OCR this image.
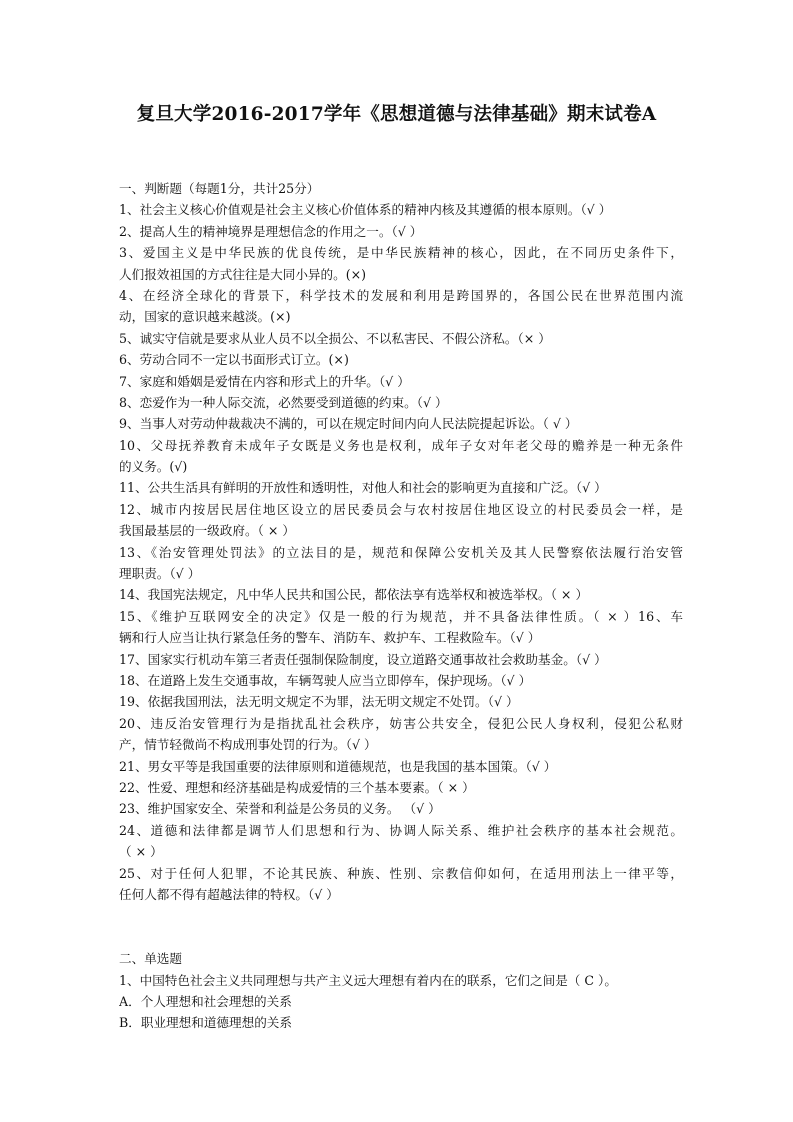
复旦大学2016-2017学年《思想道德与法律基础》期末试卷A
一、判断题（每题1分，共计25分）
1、社会主义核心价值观是社会主义核心价值体系的精神内核及其遵循的根本原则。（√ ）
2、提高人生的精神境界是理想信念的作用之一。（√ ）
3、爱国主义是中华民族的优良传统，是中华民族精神的核心，因此，在不同历史条件下，
人们报效祖国的方式往往是大同小异的。(×)
4、在经济全球化的背景下，科学技术的发展和利用是跨国界的，各国公民在世界范围内流
动，国家的意识越来越淡。(×)
5、诚实守信就是要求从业人员不以全损公、不以私害民、不假公济私。（× ）
6、劳动合同不一定以书面形式订立。(×)
7、家庭和婚姻是爱情在内容和形式上的升华。（√ ）
8、恋爱作为一种人际交流，必然要受到道德的约束。（√ ）
9、当事人对劳动仲裁裁决不满的，可以在规定时间内向人民法院提起诉讼。（ √ ）
10、父母抚养教育未成年子女既是义务也是权利，成年子女对年老父母的赡养是一种无条件
的义务。(√)
11、公共生活具有鲜明的开放性和透明性，对他人和社会的影响更为直接和广泛。（√ ）
12、城市内按居民居住地区设立的居民委员会与农村按居住地区设立的村民委员会一样，是
我国最基层的一级政府。（ × ）
13、《治安管理处罚法》的立法目的是，规范和保障公安机关及其人民警察依法履行治安管
理职责。（√ ）
14、我国宪法规定，凡中华人民共和国公民，都依法享有选举权和被选举权。（ × ）
15、《维护互联网安全的决定》仅是一般的行为规范，并不具备法律性质。（ × ）16、车
辆和行人应当让执行紧急任务的警车、消防车、救护车、工程救险车。（√ ）
17、国家实行机动车第三者责任强制保险制度，设立道路交通事故社会救助基金。（√ ）
18、在道路上发生交通事故，车辆驾驶人应当立即停车，保护现场。（√ ）
19、依据我国刑法，法无明文规定不为罪，法无明文规定不处罚。（√ ）
20、违反治安管理行为是指扰乱社会秩序，妨害公共安全，侵犯公民人身权利，侵犯公私财
产，情节轻微尚不构成刑事处罚的行为。（√ ）
21、男女平等是我国重要的法律原则和道德规范，也是我国的基本国策。（√ ）
22、性爱、理想和经济基础是构成爱情的三个基本要素。（ × ）
23、维护国家安全、荣誉和利益是公务员的义务。 （√ ）
24、道德和法律都是调节人们思想和行为、协调人际关系、维护社会秩序的基本社会规范。
（ × ）
25、对于任何人犯罪，不论其民族、种族、性别、宗教信仰如何，在适用刑法上一律平等，
任何人都不得有超越法律的特权。（√ ）
二、单选题
1、中国特色社会主义共同理想与共产主义远大理想有着内在的联系，它们之间是（ C ）。
A．个人理想和社会理想的关系
B．职业理想和道德理想的关系
